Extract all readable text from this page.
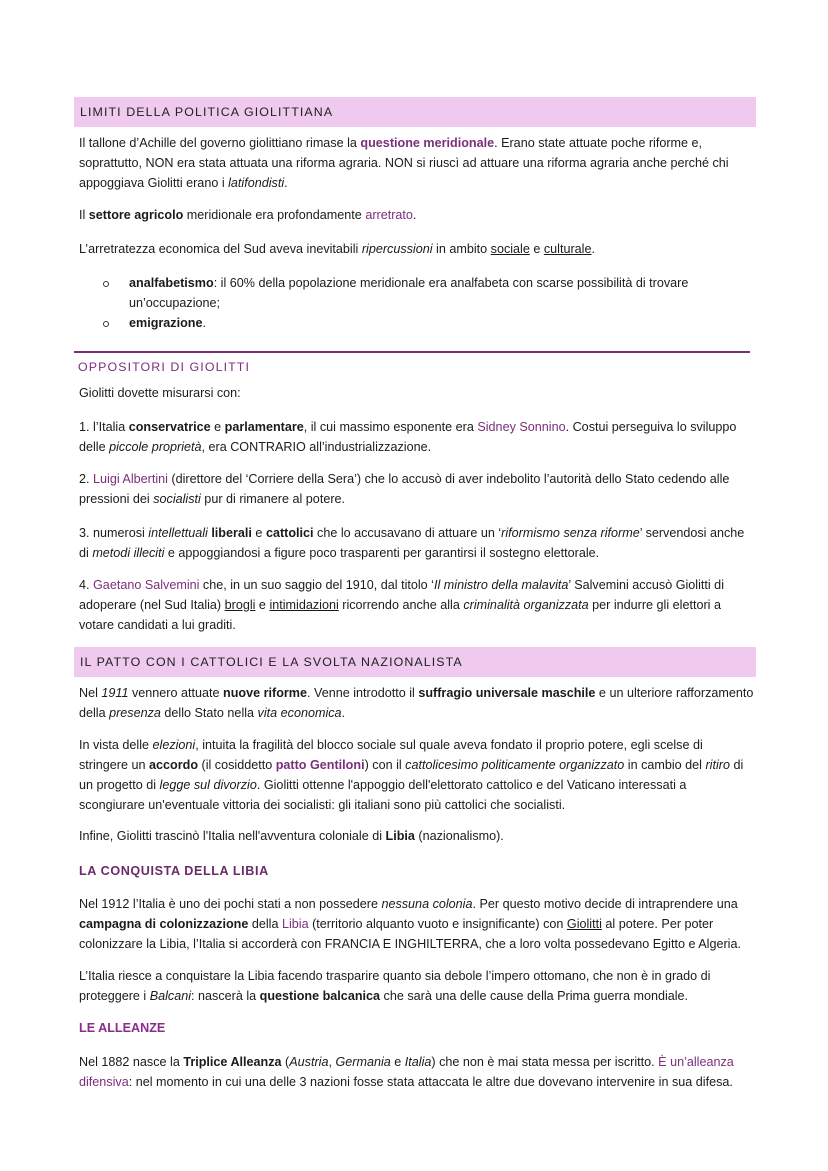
LIMITI DELLA POLITICA GIOLITTIANA

Il tallone d’Achille del governo giolittiano rimase la questione meridionale. Erano state attuate poche riforme e, soprattutto, NON era stata attuata una riforma agraria. NON si riuscì ad attuare una riforma agraria anche perché chi appoggiava Giolitti erano i latifondisti.

Il settore agricolo meridionale era profondamente arretrato.

L’arretratezza economica del Sud aveva inevitabili ripercussioni in ambito sociale e culturale.

analfabetismo: il 60% della popolazione meridionale era analfabeta con scarse possibilità di trovare un’occupazione;
emigrazione.
OPPOSITORI DI GIOLITTI

Giolitti dovette misurarsi con:

1. l’Italia conservatrice e parlamentare, il cui massimo esponente era Sidney Sonnino. Costui perseguiva lo sviluppo delle piccole proprietà, era CONTRARIO all’industrializzazione.

2. Luigi Albertini (direttore del ‘Corriere della Sera’) che lo accusò di aver indebolito l’autorità dello Stato cedendo alle pressioni dei socialisti pur di rimanere al potere.

3. numerosi intellettuali liberali e cattolici che lo accusavano di attuare un ‘riformismo senza riforme’ servendosi anche di metodi illeciti e appoggiandosi a figure poco trasparenti per garantirsi il sostegno elettorale.

4. Gaetano Salvemini che, in un suo saggio del 1910, dal titolo ‘Il ministro della malavita’ Salvemini accusò Giolitti di adoperare (nel Sud Italia) brogli e intimidazioni ricorrendo anche alla criminalità organizzata per indurre gli elettori a votare candidati a lui graditi.

IL PATTO CON I CATTOLICI E LA SVOLTA NAZIONALISTA

Nel 1911 vennero attuate nuove riforme. Venne introdotto il suffragio universale maschile e un ulteriore rafforzamento della presenza dello Stato nella vita economica.

In vista delle elezioni, intuita la fragilità del blocco sociale sul quale aveva fondato il proprio potere, egli scelse di stringere un accordo (il cosiddetto patto Gentiloni) con il cattolicesimo politicamente organizzato in cambio del ritiro di un progetto di legge sul divorzio. Giolitti ottenne l'appoggio dell'elettorato cattolico e del Vaticano interessati a scongiurare un'eventuale vittoria dei socialisti: gli italiani sono più cattolici che socialisti.

Infine, Giolitti trascinò l'Italia nell'avventura coloniale di Libia (nazionalismo).

LA CONQUISTA DELLA LIBIA

Nel 1912 l’Italia è uno dei pochi stati a non possedere nessuna colonia. Per questo motivo decide di intraprendere una campagna di colonizzazione della Libia (territorio alquanto vuoto e insignificante) con Giolitti al potere. Per poter colonizzare la Libia, l’Italia si accorderà con FRANCIA E INGHILTERRA, che a loro volta possedevano Egitto e Algeria.

L’Italia riesce a conquistare la Libia facendo trasparire quanto sia debole l’impero ottomano, che non è in grado di proteggere i Balcani: nascerà la questione balcanica che sarà una delle cause della Prima guerra mondiale.

LE ALLEANZE

Nel 1882 nasce la Triplice Alleanza (Austria, Germania e Italia) che non è mai stata messa per iscritto. È un’alleanza difensiva: nel momento in cui una delle 3 nazioni fosse stata attaccata le altre due dovevano intervenire in sua difesa.
